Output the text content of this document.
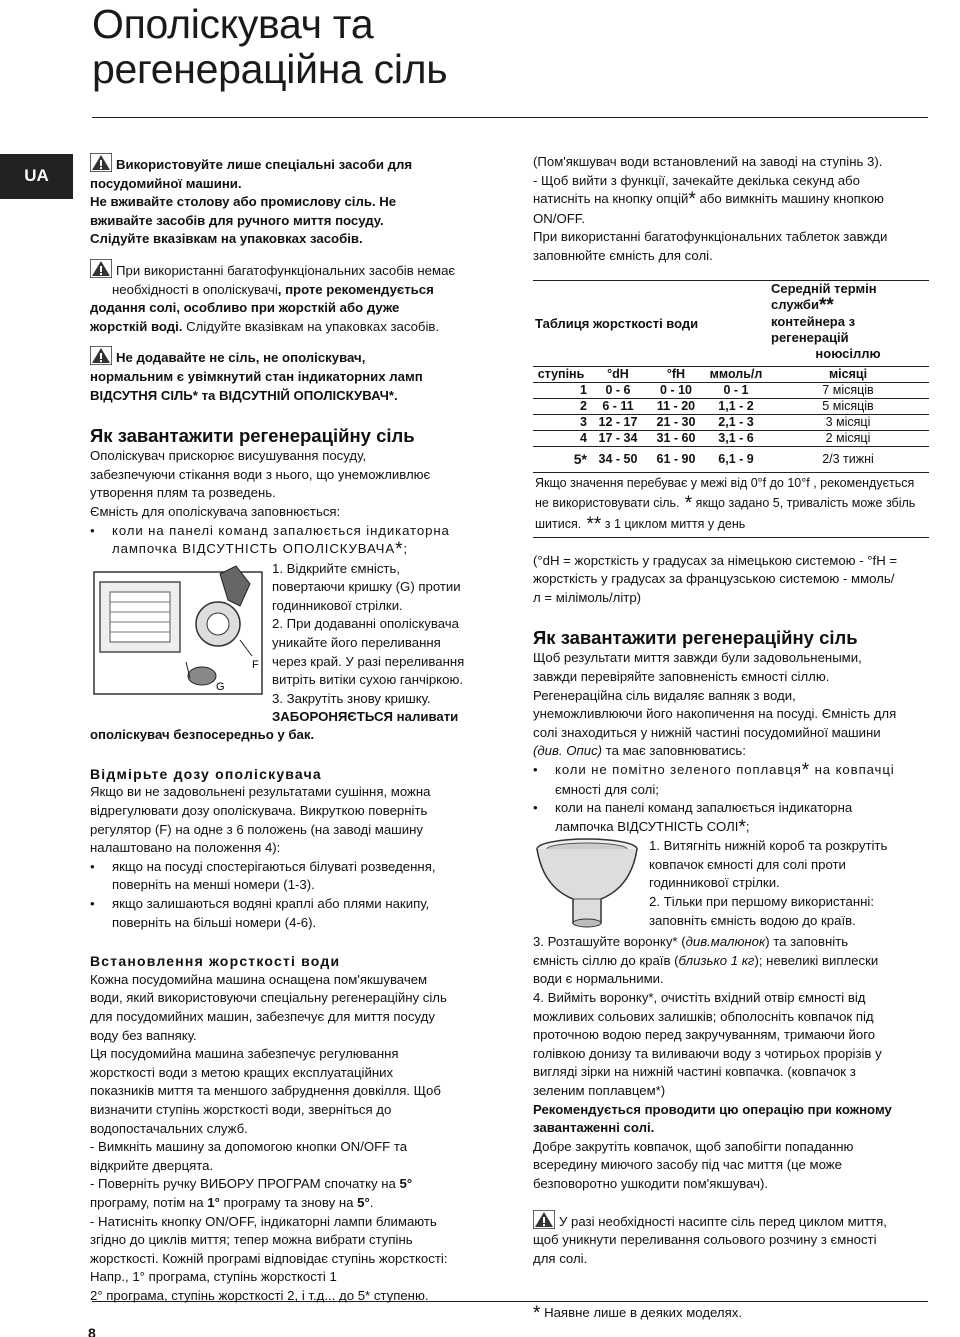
Ополіскувач та
регенераційна сіль
UA
8

Використовуйте лише спеціальні засоби для

посудомийної машини.

Не вживайте столову або промислову сіль. Не

вживайте засобів для ручного миття посуду.

Слідуйте вказівкам на упаковках засобів.

При використанні багатофункціональних засобів немає

необхідності в ополіскувачі, проте рекомендується

додання солі, особливо при жорсткій або дуже

жорсткій воді. Слідуйте вказівкам на упаковках засобів.

Не додавайте не сіль, не ополіскувач,

нормальним є увімкнутий стан індикаторних ламп

ВІДСУТНЯ СІЛЬ* та ВІДСУТНІЙ ОПОЛІСКУВАЧ*.

Як завантажити регенераційну сіль

Ополіскувач прискорює висушування посуду,

забезпечуючи стікання води з нього, що унеможливлює

утворення плям та розведень.

Ємність для ополіскувача заповнюється:

• коли на панелі команд запалюється індикаторна

лампочка ВІДСУТНІСТЬ ОПОЛІСКУВАЧА*;

F
G

1. Відкрийте ємність,

повертаючи кришку (G) протии

годинникової стрілки.

2. При додаванні ополіскувача

уникайте його переливання

через край. У разі переливання

витріть витіки сухою ганчіркою.

3. Закрутіть знову кришку.

ЗАБОРОНЯЄТЬСЯ наливати

ополіскувач безпосередньо у бак.

Відмірьте дозу ополіскувача

Якщо ви не задовольнені результатами сушіння, можна

відрегулювати дозу ополіскувача. Викруткою поверніть

регулятор (F) на одне з 6 положень (на заводі машину

налаштовано на положення 4):

• якщо на посуді спостерігаються білуваті розведення,

поверніть на менші номери (1-3).

• якщо залишаються водяні краплі або плями накипу,

поверніть на більші номери (4-6).

Встановлення жорсткості води

Кожна посудомийна машина оснащена пом'якшувачем

води, який використовуючи спеціальну регенераційну сіль

для посудомийних машин, забезпечує для миття посуду

воду без вапняку.

Ця посудомийна машина забезпечує регулювання

жорсткості води з метою кращих експлуатаційних

показників миття та меншого забруднення довкілля. Щоб

визначити ступінь жорсткості води, зверніться до

водопостачальних служб.

- Вимкніть машину за допомогою кнопки ON/OFF та

відкрийте дверцята.

- Поверніть ручку ВИБОРУ ПРОГРАМ спочатку на 5°

програму, потім на 1° програму та знову на 5°.

- Натисніть кнопку ON/OFF, індикаторні лампи блимають

згідно до циклів миття; тепер можна вибрати ступінь

жорсткості. Кожній програмі відповідає ступінь жорсткості:

Напр., 1° програма, ступінь жорсткості 1

2° програма, ступінь жорсткості 2, і т.д... до 5* ступеню.

(Пом'якшувач води встановлений на заводі на ступінь 3).

- Щоб вийти з функції, зачекайте декілька секунд або

натисніть на кнопку опцій* або вимкніть машину кнопкою

ON/OFF.

При використанні багатофункціональних таблеток завжди

заповнюйте ємність для солі.

Таблиця жорсткості води				Середній термін служби**
контейнера з регенерацій

ноюсіллю

ступінь	°dH	°fH	ммоль/л	місяці
1	0 - 6	0 - 10	0 - 1	7 місяців
2	6 - 11	11 - 20	1,1 - 2	5 місяців
3	12 - 17	21 - 30	2,1 - 3	3 місяці
4	17 - 34	31 - 60	3,1 - 6	2 місяці
5*	34 - 50	61 - 90	6,1 - 9	2/3 тижні

Якщо значення перебуває у межі від 0°f до 10°f , рекомендується
не використовувати сіль. * якщо задано 5, тривалість може збіль
шитися. ** з 1 циклом миття у день				

(°dH = жорсткість у градусах за німецькою системою - °fH =

жорсткість у градусах за французською системою - ммоль/

л = мілімоль/літр)

Як завантажити регенераційну сіль

Щоб результати миття завжди були задовольнеными,

завжди перевіряйте заповненість ємності сіллю.

Регенераційна сіль видаляє вапняк з води,

унеможливлюючи його накопичення на посуді. Ємність для

солі знаходиться у нижній частині посудомийної машини

(див. Опис) та має заповнюватись:

• коли не помітно зеленого поплавця* на ковпачці

ємності для солі;

• коли на панелі команд запалюється індикаторна

лампочка ВІДСУТНІСТЬ СОЛІ*;

1. Витягніть нижній короб та розкрутіть

ковпачок ємності для солі проти

годинникової стрілки.

2. Тільки при першому використанні:

заповніть ємність водою до країв.

3. Розташуйте воронку* (див.малюнок) та заповніть

ємність сіллю до країв (близько 1 кг); невеликі виплески

води є нормальними.

4. Вийміть воронку*, очистіть вхідний отвір ємності від

можливих сольових залишків; обполосніть ковпачок під

проточною водою перед закручуванням, тримаючи його

голівкою донизу та виливаючи воду з чотирьох прорізів у

вигляді зірки на нижній частині ковпачка. (ковпачок з

зеленим поплавцем*)

Рекомендується проводити цю операцію при кожному

завантаженні солі.

Добре закрутіть ковпачок, щоб запобігти попаданню

всередину миючого засобу під час миття (це може

безповоротно ушкодити пом'якшувач).

У разі необхідності насипте сіль перед циклом миття,

щоб уникнути переливання сольового розчину з ємності

для солі.

* Наявне лише в деяких моделях.
